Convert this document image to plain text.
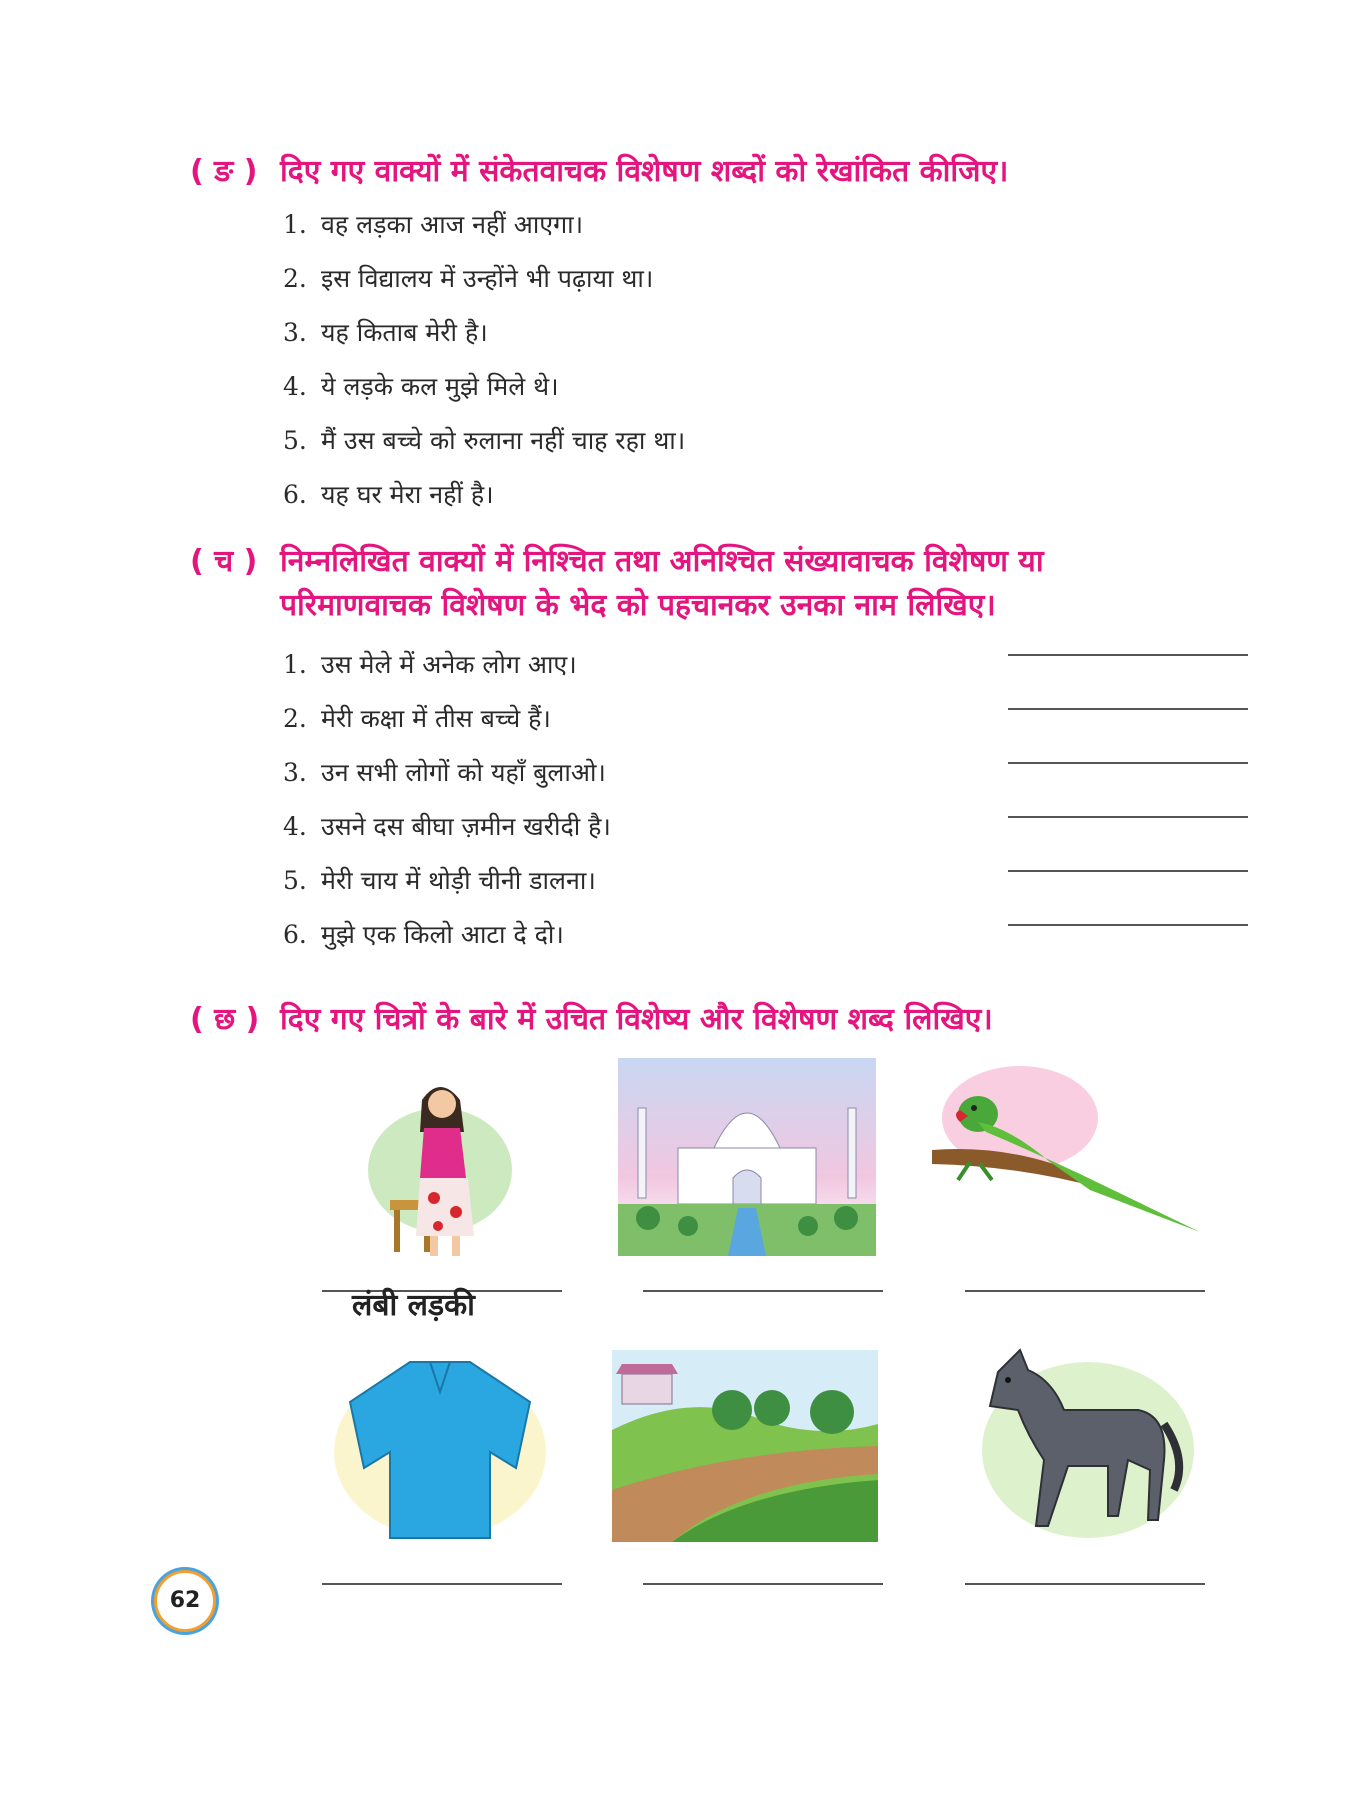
( ङ ) दिए गए वाक्यों में संकेतवाचक विशेषण शब्दों को रेखांकित कीजिए।
1. वह लड़का आज नहीं आएगा।
2. इस विद्यालय में उन्होंने भी पढ़ाया था।
3. यह किताब मेरी है।
4. ये लड़के कल मुझे मिले थे।
5. मैं उस बच्चे को रुलाना नहीं चाह रहा था।
6. यह घर मेरा नहीं है।
( च ) निम्नलिखित वाक्यों में निश्चित तथा अनिश्चित संख्यावाचक विशेषण या
परिमाणवाचक विशेषण के भेद को पहचानकर उनका नाम लिखिए।
1. उस मेले में अनेक लोग आए।
2. मेरी कक्षा में तीस बच्चे हैं।
3. उन सभी लोगों को यहाँ बुलाओ।
4. उसने दस बीघा ज़मीन खरीदी है।
5. मेरी चाय में थोड़ी चीनी डालना।
6. मुझे एक किलो आटा दे दो।
( छ ) दिए गए चित्रों के बारे में उचित विशेष्य और विशेषण शब्द लिखिए।
लंबी लड़की
62
